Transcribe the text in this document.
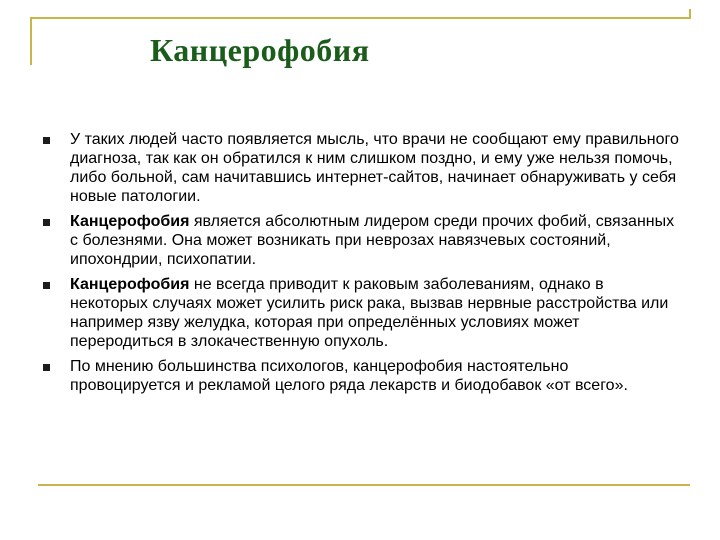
Канцерофобия
У таких людей часто появляется мысль, что врачи не сообщают ему правильного диагноза, так как он обратился к ним слишком поздно, и ему уже нельзя помочь, либо больной, сам начитавшись интернет-сайтов, начинает обнаруживать у себя новые патологии.
Канцерофобия является абсолютным лидером среди прочих фобий, связанных с болезнями. Она может возникать при неврозах навязчевых состояний, ипохондрии, психопатии.
Канцерофобия не всегда приводит к раковым заболеваниям, однако в некоторых случаях может усилить риск рака, вызвав нервные расстройства или например язву желудка, которая при определённых условиях может переродиться в злокачественную опухоль.
По мнению большинства психологов, канцерофобия настоятельно провоцируется и рекламой целого ряда лекарств и биодобавок «от всего».
